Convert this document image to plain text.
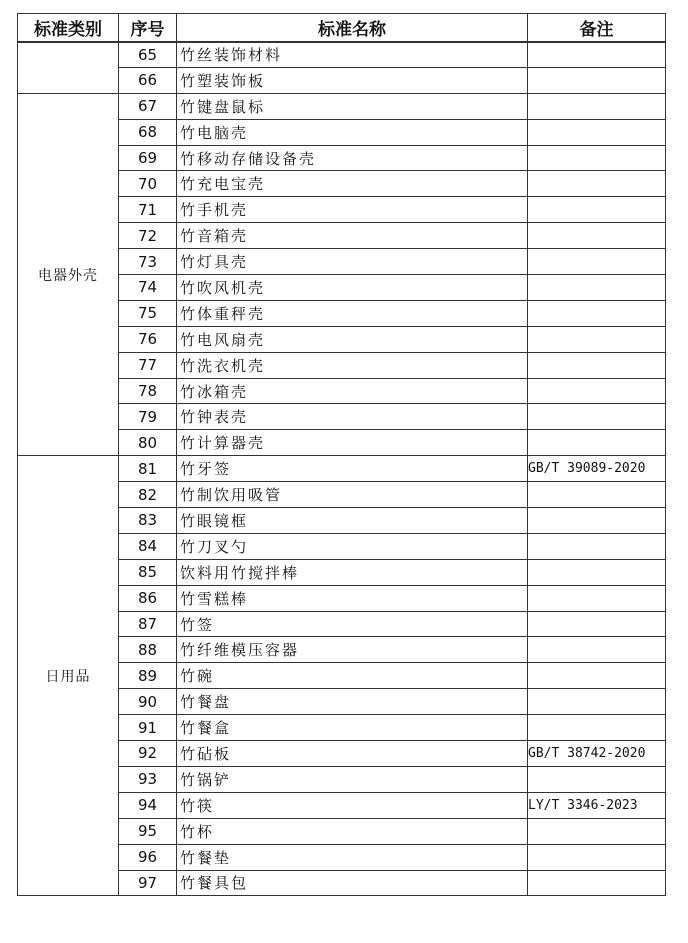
标准类别	序号	标准名称	备注
	65	竹丝装饰材料	
	66	竹塑装饰板	
电器外壳	67	竹键盘鼠标	
	68	竹电脑壳	
	69	竹移动存储设备壳	
	70	竹充电宝壳	
	71	竹手机壳	
	72	竹音箱壳	
	73	竹灯具壳	
	74	竹吹风机壳	
	75	竹体重秤壳	
	76	竹电风扇壳	
	77	竹洗衣机壳	
	78	竹冰箱壳	
	79	竹钟表壳	
	80	竹计算器壳	
日用品	81	竹牙签	GB/T 39089-2020
	82	竹制饮用吸管	
	83	竹眼镜框	
	84	竹刀叉勺	
	85	饮料用竹搅拌棒	
	86	竹雪糕棒	
	87	竹签	
	88	竹纤维模压容器	
	89	竹碗	
	90	竹餐盘	
	91	竹餐盒	
	92	竹砧板	GB/T 38742-2020
	93	竹锅铲	
	94	竹筷	LY/T 3346-2023
	95	竹杯	
	96	竹餐垫	
	97	竹餐具包	
